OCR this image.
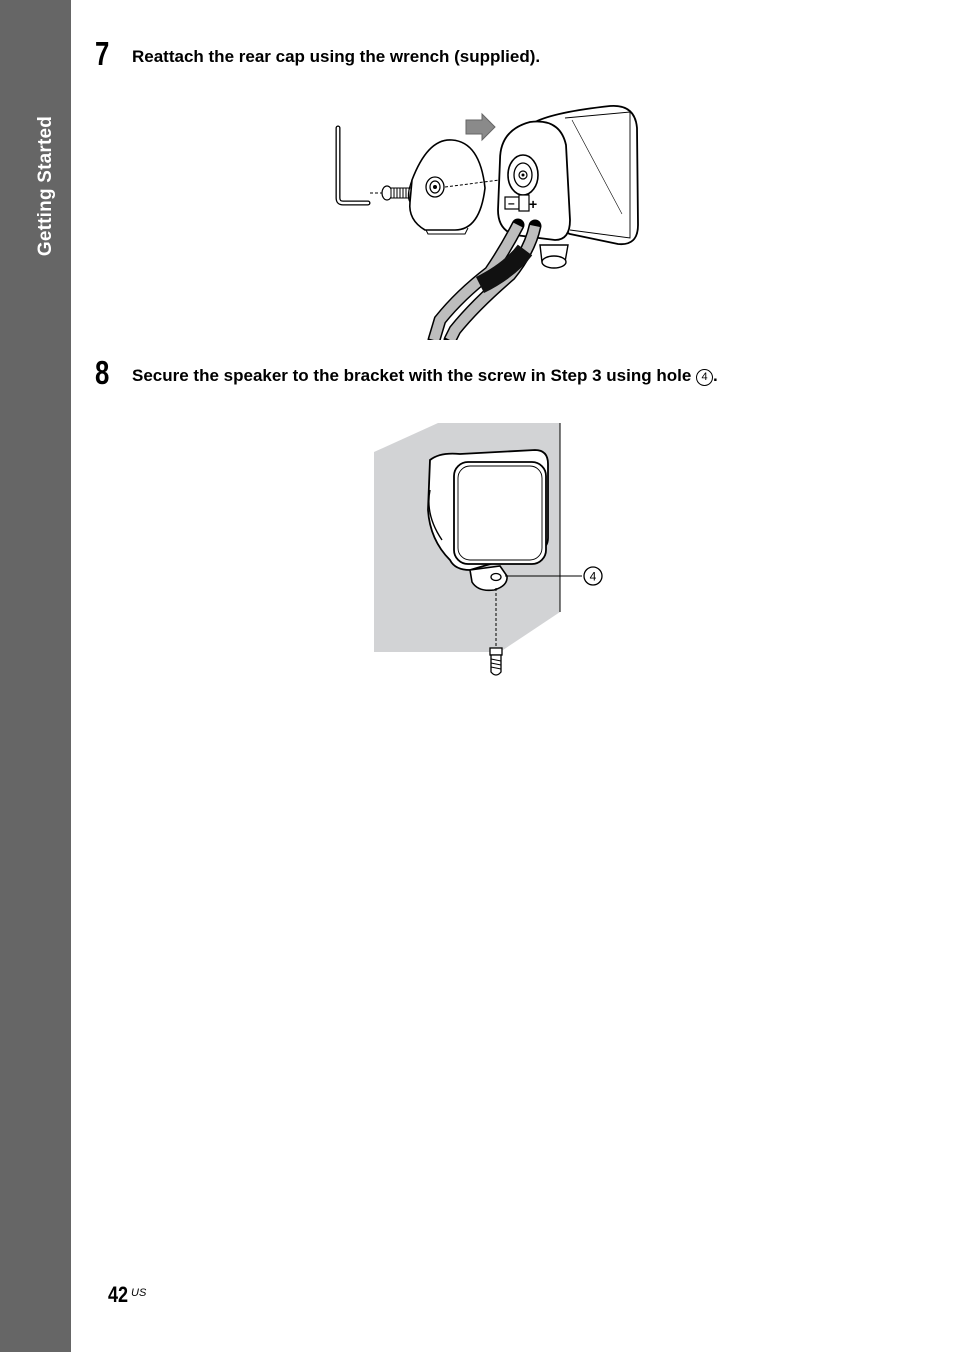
Getting Started
7 Reattach the rear cap using the wrench (supplied).
– +
8 Secure the speaker to the bracket with the screw in Step 3 using hole 4 .
4
42 US
